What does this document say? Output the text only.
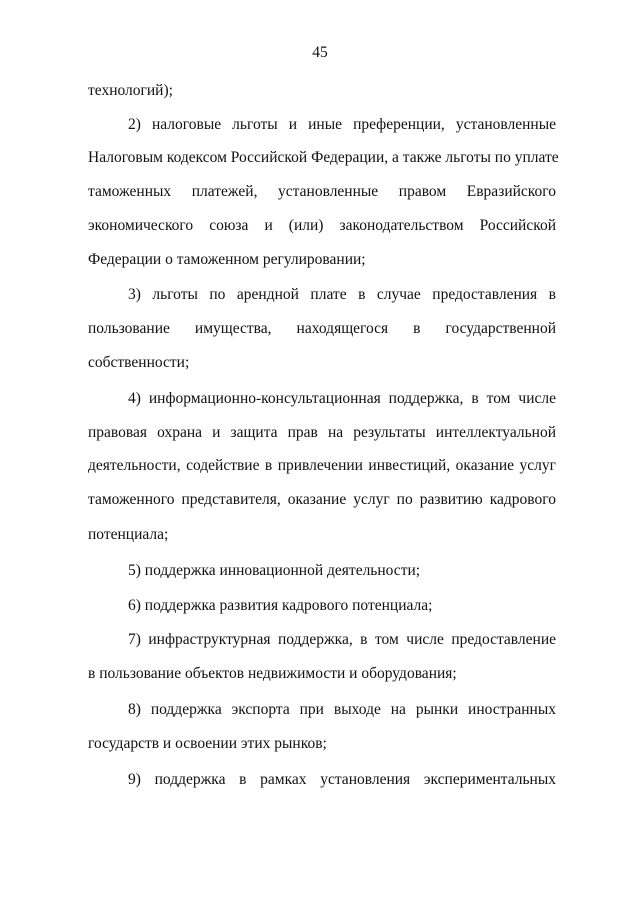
45
технологий);
2) налоговые льготы и иные преференции, установленные
Налоговым кодексом Российской Федерации, а также льготы по уплате
таможенных платежей, установленные правом Евразийского
экономического союза и (или) законодательством Российской
Федерации о таможенном регулировании;
3) льготы по арендной плате в случае предоставления в
пользование имущества, находящегося в государственной
собственности;
4) информационно-консультационная поддержка, в том числе
правовая охрана и защита прав на результаты интеллектуальной
деятельности, содействие в привлечении инвестиций, оказание услуг
таможенного представителя, оказание услуг по развитию кадрового
потенциала;
5) поддержка инновационной деятельности;
6) поддержка развития кадрового потенциала;
7) инфраструктурная поддержка, в том числе предоставление
в пользование объектов недвижимости и оборудования;
8) поддержка экспорта при выходе на рынки иностранных
государств и освоении этих рынков;
9) поддержка в рамках установления экспериментальных
